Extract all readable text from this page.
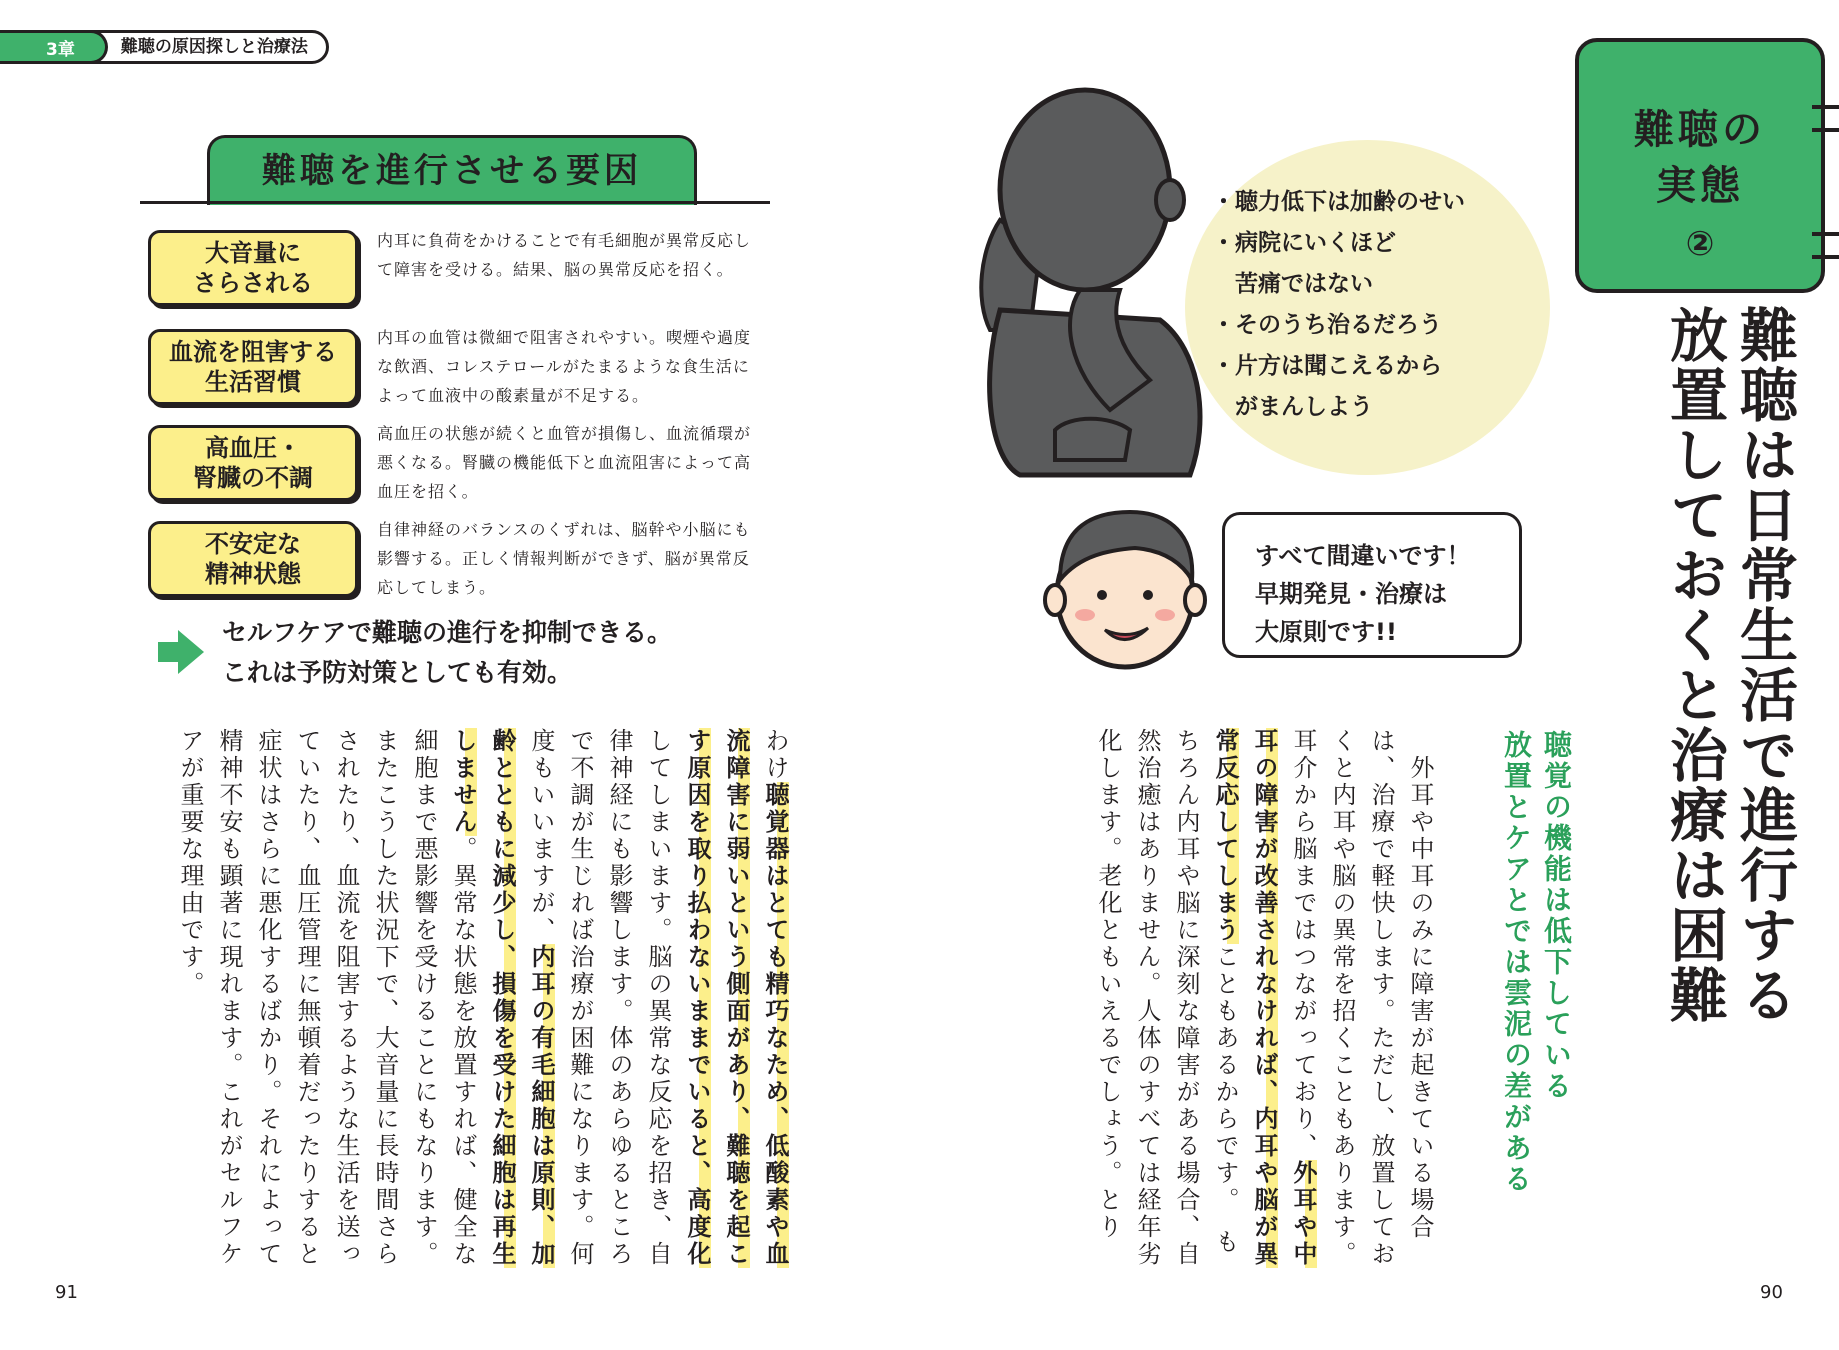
3章	難聴の原因探しと治療法
難聴を進行させる要因
大音量に
さらされる
内耳に負荷をかけることで有毛細胞が異常反応して障害を受ける。結果、脳の異常反応を招く。
血流を阻害する
生活習慣
内耳の血管は微細で阻害されやすい。喫煙や過度な飲酒、コレステロールがたまるような食生活によって血液中の酸素量が不足する。
高血圧・
腎臓の不調
高血圧の状態が続くと血管が損傷し、血流循環が悪くなる。腎臓の機能低下と血流阻害によって高血圧を招く。
不安定な
精神状態
自律神経のバランスのくずれは、脳幹や小脳にも影響する。正しく情報判断ができず、脳が異常反応してしまう。
セルフケアで難聴の進行を抑制できる。
これは予防対策としても有効。
わけ聴覚器はとても精巧なため、低酸素や血流障害に弱いという側面があり、難聴を起こす原因を取り払わないままでいると、高度化してしまいます。脳の異常な反応を招き、自律神経にも影響します。体のあらゆるところで不調が生じれば治療が困難になります。何度もいいますが、内耳の有毛細胞は原則、加齢とともに減少し、損傷を受けた細胞は再生しません。異常な状態を放置すれば、健全な細胞まで悪影響を受けることにもなります。　またこうした状況下で、大音量に長時間さらされたり、血流を阻害するような生活を送っていたり、血圧管理に無頓着だったりすると症状はさらに悪化するばかり。それによって精神不安も顕著に現れます。これがセルフケアが重要な理由です。
難聴の
実態
②
難聴は日常生活で進行する
放置しておくと治療は困難
聴覚の機能は低下している
放置とケアとでは雲泥の差がある
　外耳や中耳のみに障害が起きている場合は、治療で軽快します。ただし、放置しておくと内耳や脳の異常を招くこともあります。耳介から脳まではつながっており、外耳や中耳の障害が改善されなければ、内耳や脳が異常反応してしまうこともあるからです。　もちろん内耳や脳に深刻な障害がある場合、自然治癒はありません。人体のすべては経年劣化します。老化ともいえるでしょう。とり
・聴力低下は加齢のせい
・病院にいくほど
　苦痛ではない
・そのうち治るだろう
・片方は聞こえるから
　がまんしよう
すべて間違いです！
早期発見・治療は
大原則です!!
91	90
